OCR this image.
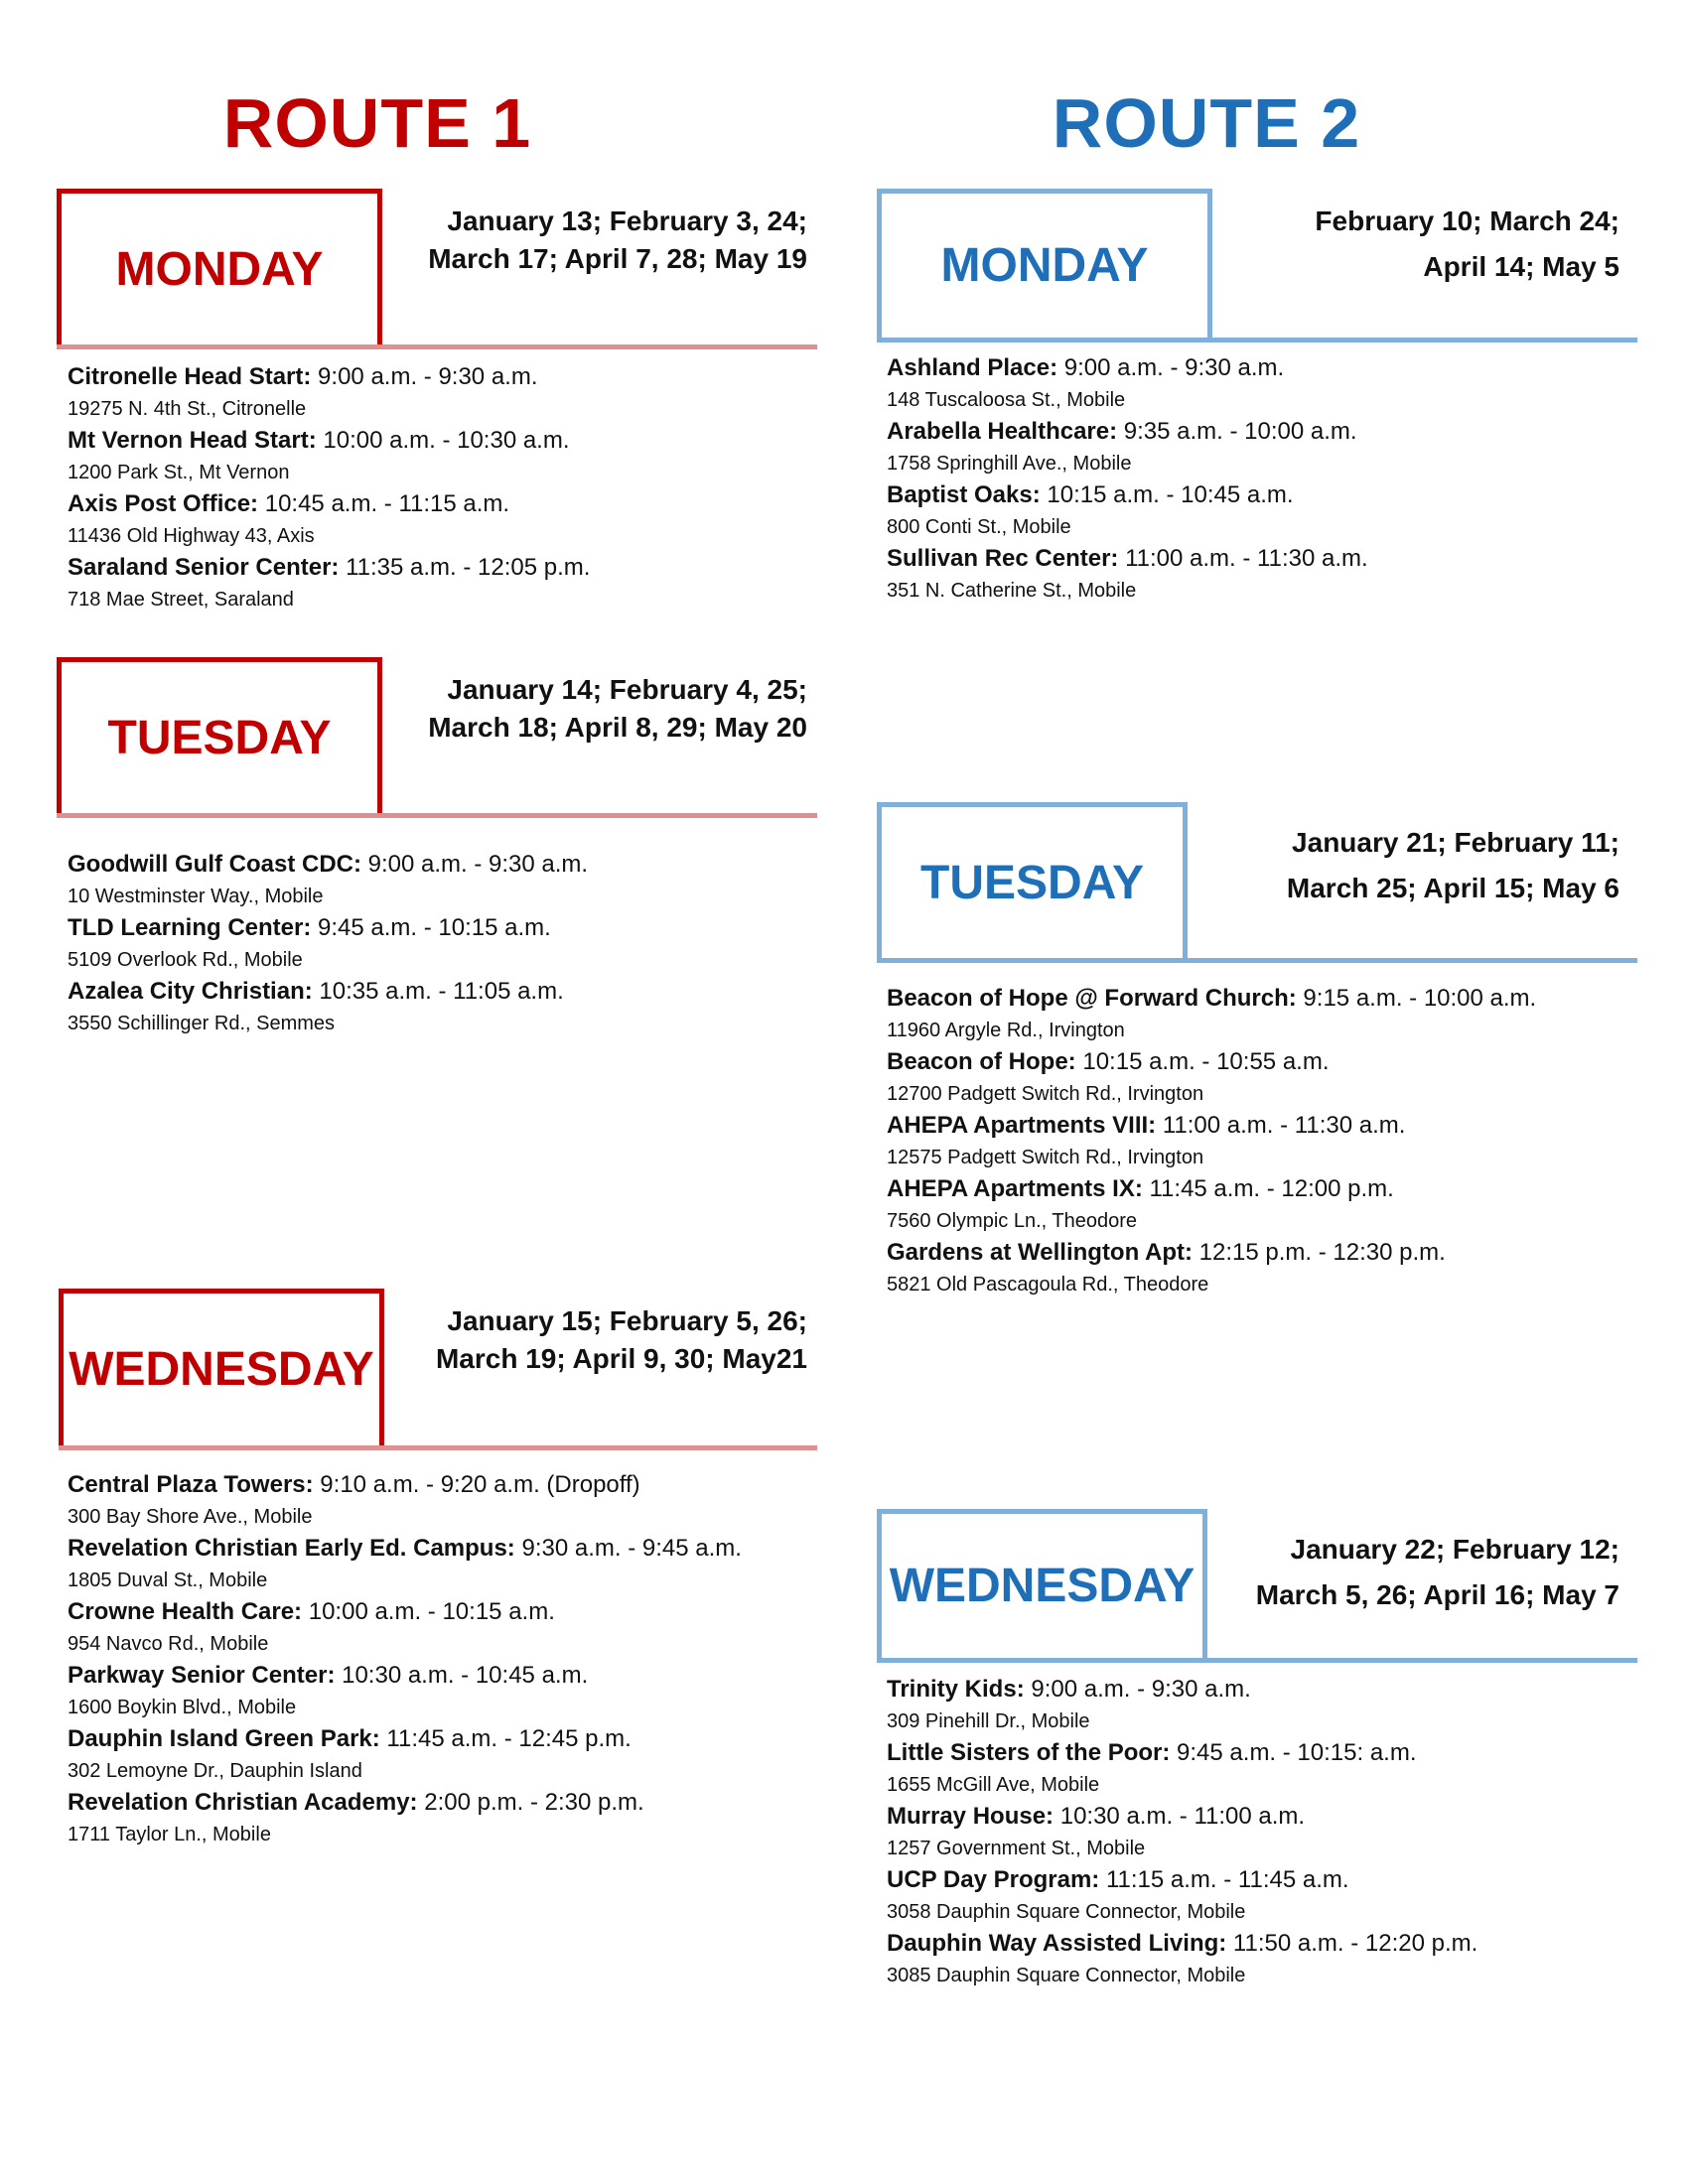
ROUTE 1	ROUTE 2
MONDAY
January 13; February 3, 24;
March 17; April 7, 28; May 19
Citronelle Head Start: 9:00 a.m. - 9:30 a.m.
19275 N. 4th St., Citronelle
Mt Vernon Head Start: 10:00 a.m. - 10:30 a.m.
1200 Park St., Mt Vernon
Axis Post Office: 10:45 a.m. - 11:15 a.m.
11436 Old Highway 43, Axis
Saraland Senior Center: 11:35 a.m. - 12:05 p.m.
718 Mae Street, Saraland
TUESDAY
January 14; February 4, 25;
March 18; April 8, 29; May 20
Goodwill Gulf Coast CDC: 9:00 a.m. - 9:30 a.m.
10 Westminster Way., Mobile
TLD Learning Center: 9:45 a.m. - 10:15 a.m.
5109 Overlook Rd., Mobile
Azalea City Christian: 10:35 a.m. - 11:05 a.m.
3550 Schillinger Rd., Semmes
WEDNESDAY
January 15; February 5, 26;
March 19; April 9, 30; May21
Central Plaza Towers: 9:10 a.m. - 9:20 a.m. (Dropoff)
300 Bay Shore Ave., Mobile
Revelation Christian Early Ed. Campus: 9:30 a.m. - 9:45 a.m.
1805 Duval St., Mobile
Crowne Health Care: 10:00 a.m. - 10:15 a.m.
954 Navco Rd., Mobile
Parkway Senior Center: 10:30 a.m. - 10:45 a.m.
1600 Boykin Blvd., Mobile
Dauphin Island Green Park: 11:45 a.m. - 12:45 p.m.
302 Lemoyne Dr., Dauphin Island
Revelation Christian Academy: 2:00 p.m. - 2:30 p.m.
1711 Taylor Ln., Mobile
MONDAY
February 10; March 24;
April 14; May 5
Ashland Place: 9:00 a.m. - 9:30 a.m.
148 Tuscaloosa St., Mobile
Arabella Healthcare: 9:35 a.m. - 10:00 a.m.
1758 Springhill Ave., Mobile
Baptist Oaks: 10:15 a.m. - 10:45 a.m.
800 Conti St., Mobile
Sullivan Rec Center: 11:00 a.m. - 11:30 a.m.
351 N. Catherine St., Mobile
TUESDAY
January 21; February 11;
March 25; April 15; May 6
Beacon of Hope @ Forward Church: 9:15 a.m. - 10:00 a.m.
11960 Argyle Rd., Irvington
Beacon of Hope: 10:15 a.m. - 10:55 a.m.
12700 Padgett Switch Rd., Irvington
AHEPA Apartments VIII: 11:00 a.m. - 11:30 a.m.
12575 Padgett Switch Rd., Irvington
AHEPA Apartments IX: 11:45 a.m. - 12:00 p.m.
7560 Olympic Ln., Theodore
Gardens at Wellington Apt: 12:15 p.m. - 12:30 p.m.
5821 Old Pascagoula Rd., Theodore
WEDNESDAY
January 22; February 12;
March 5, 26; April 16; May 7
Trinity Kids: 9:00 a.m. - 9:30 a.m.
309 Pinehill Dr., Mobile
Little Sisters of the Poor: 9:45 a.m. - 10:15: a.m.
1655 McGill Ave, Mobile
Murray House: 10:30 a.m. - 11:00 a.m.
1257 Government St., Mobile
UCP Day Program: 11:15 a.m. - 11:45 a.m.
3058 Dauphin Square Connector, Mobile
Dauphin Way Assisted Living: 11:50 a.m. - 12:20 p.m.
3085 Dauphin Square Connector, Mobile
